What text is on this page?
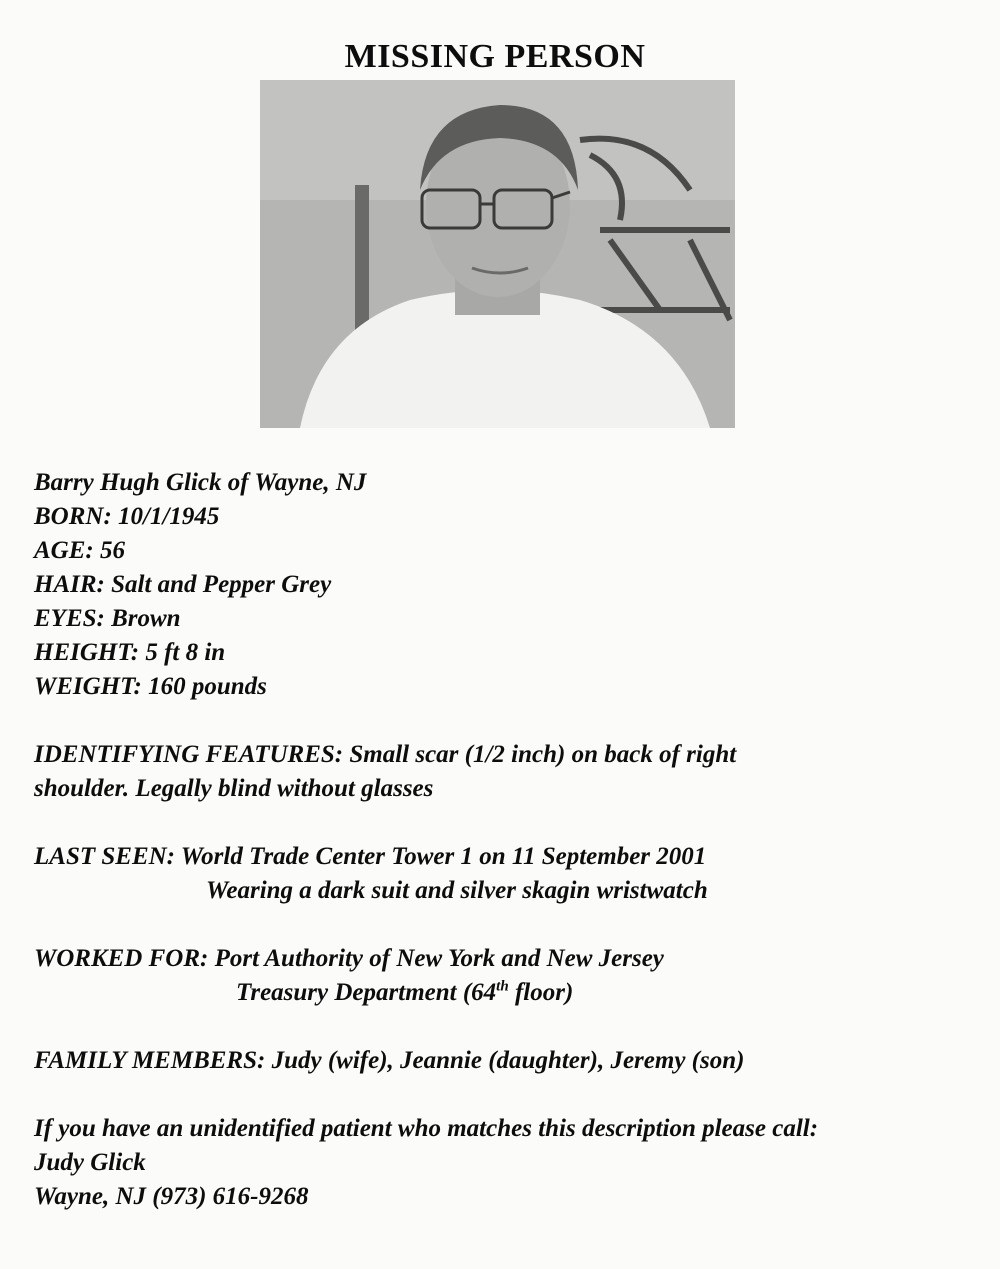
MISSING PERSON
Barry Hugh Glick of Wayne, NJ
BORN: 10/1/1945
AGE: 56
HAIR: Salt and Pepper Grey
EYES: Brown
HEIGHT: 5 ft 8 in
WEIGHT: 160 pounds
IDENTIFYING FEATURES: Small scar (1/2 inch) on back of right
shoulder. Legally blind without glasses
LAST SEEN: World Trade Center Tower 1 on 11 September 2001
Wearing a dark suit and silver skagin wristwatch
WORKED FOR: Port Authority of New York and New Jersey
Treasury Department (64th floor)
FAMILY MEMBERS: Judy (wife), Jeannie (daughter), Jeremy (son)
If you have an unidentified patient who matches this description please call:
Judy Glick
Wayne, NJ (973) 616-9268
